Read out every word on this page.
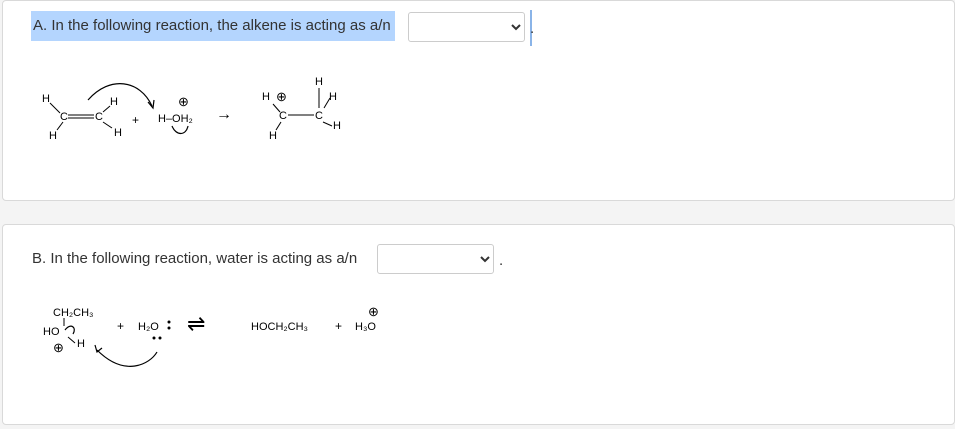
A. In the following reaction, the alkene is acting as a/n	.
H
C C
H
H	H
+
⊕
H–OH₂ →
H ⊕
C	C
H
H
H
H
B. In the following reaction, water is acting as a/n	.
CH₂CH₃
HO
H
⊕
+ H₂O ⇌	HOCH₂CH₃ + H₃O
⊕
